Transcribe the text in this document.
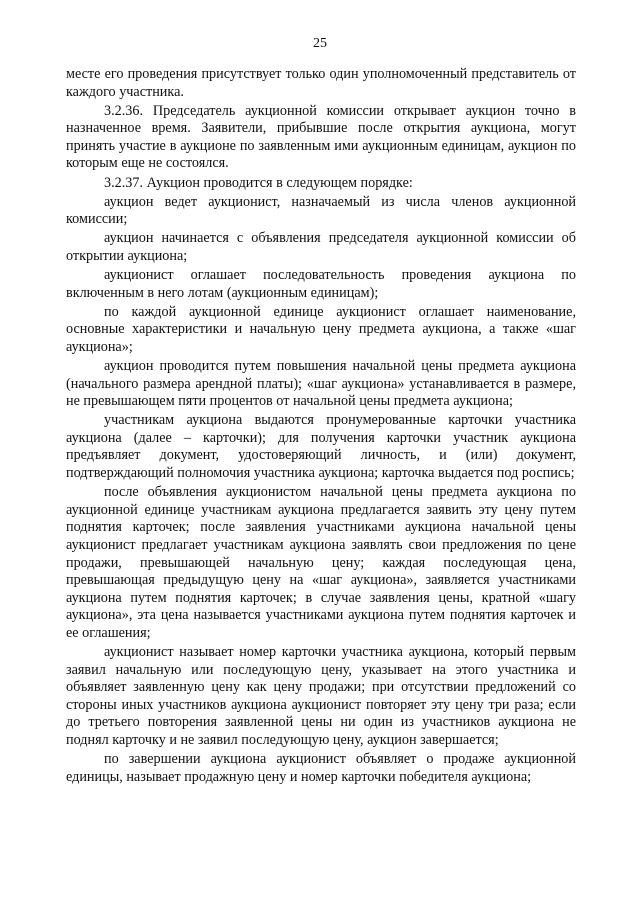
25

месте его проведения присутствует только один уполномоченный представитель от каждого участника.

3.2.36. Председатель аукционной комиссии открывает аукцион точно в назначенное время. Заявители, прибывшие после открытия аукциона, могут принять участие в аукционе по заявленным ими аукционным единицам, аукцион по которым еще не состоялся.

3.2.37. Аукцион проводится в следующем порядке:

аукцион ведет аукционист, назначаемый из числа членов аукционной комиссии;

аукцион начинается с объявления председателя аукционной комиссии об открытии аукциона;

аукционист оглашает последовательность проведения аукциона по включенным в него лотам (аукционным единицам);

по каждой аукционной единице аукционист оглашает наименование, основные характеристики и начальную цену предмета аукциона, а также «шаг аукциона»;

аукцион проводится путем повышения начальной цены предмета аукциона (начального размера арендной платы); «шаг аукциона» устанавливается в размере, не превышающем пяти процентов от начальной цены предмета аукциона;

участникам аукциона выдаются пронумерованные карточки участника аукциона (далее – карточки); для получения карточки участник аукциона предъявляет документ, удостоверяющий личность, и (или) документ, подтверждающий полномочия участника аукциона; карточка выдается под роспись;

после объявления аукционистом начальной цены предмета аукциона по аукционной единице участникам аукциона предлагается заявить эту цену путем поднятия карточек; после заявления участниками аукциона начальной цены аукционист предлагает участникам аукциона заявлять свои предложения по цене продажи, превышающей начальную цену; каждая последующая цена, превышающая предыдущую цену на «шаг аукциона», заявляется участниками аукциона путем поднятия карточек; в случае заявления цены, кратной «шагу аукциона», эта цена называется участниками аукциона путем поднятия карточек и ее оглашения;

аукционист называет номер карточки участника аукциона, который первым заявил начальную или последующую цену, указывает на этого участника и объявляет заявленную цену как цену продажи; при отсутствии предложений со стороны иных участников аукциона аукционист повторяет эту цену три раза; если до третьего повторения заявленной цены ни один из участников аукциона не поднял карточку и не заявил последующую цену, аукцион завершается;

по завершении аукциона аукционист объявляет о продаже аукционной единицы, называет продажную цену и номер карточки победителя аукциона;
